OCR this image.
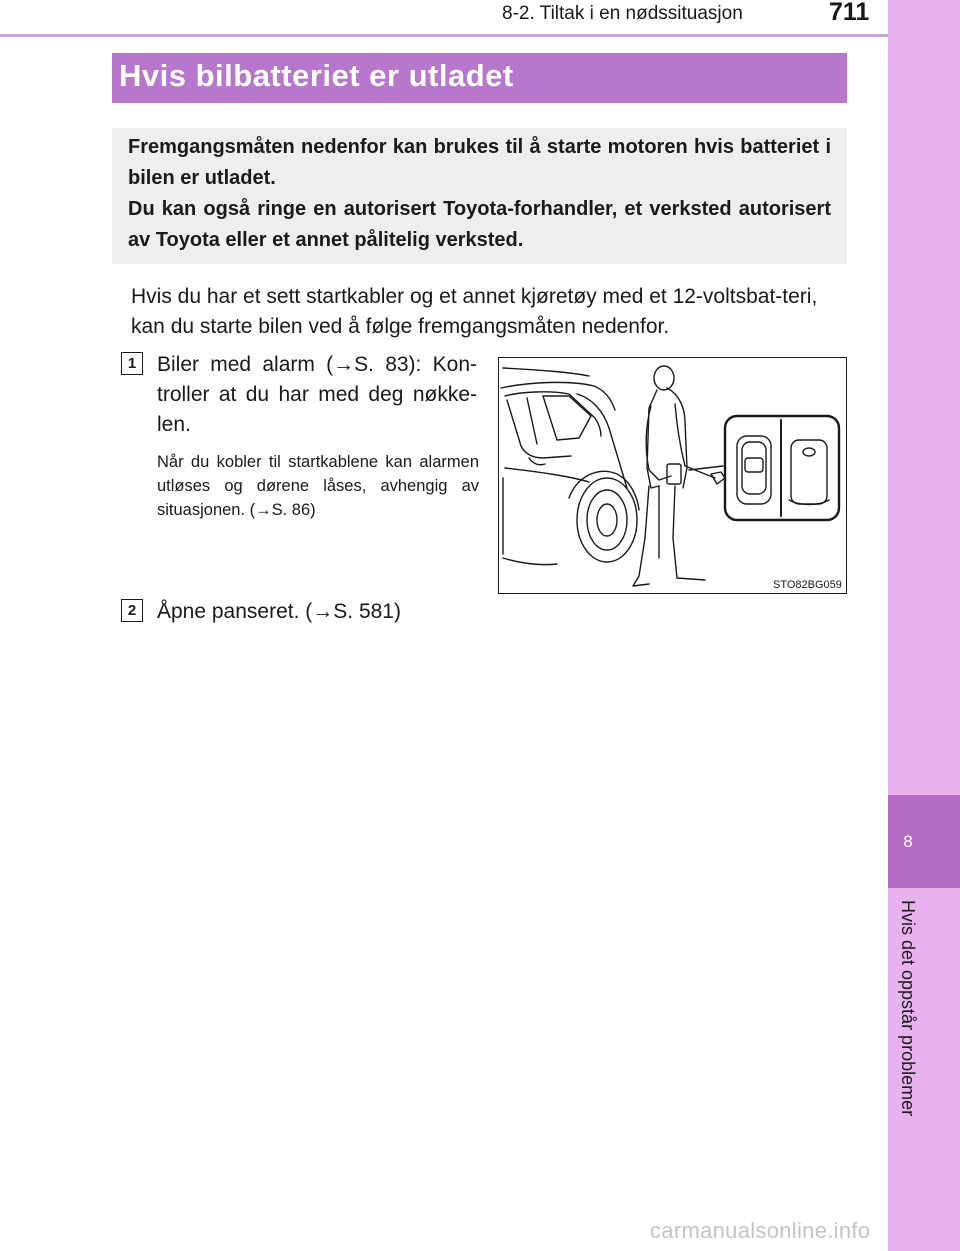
8-2. Tiltak i en nødssituasjon	711
8
Hvis det oppstår problemer
Hvis bilbatteriet er utladet

Fremgangsmåten nedenfor kan brukes til å starte motoren hvis batteriet i bilen er utladet.

Du kan også ringe en autorisert Toyota-forhandler, et verksted autorisert av Toyota eller et annet pålitelig verksted.

Hvis du har et sett startkabler og et annet kjøretøy med et 12-voltsbat-teri, kan du starte bilen ved å følge fremgangsmåten nedenfor.

1 Biler med alarm (→S. 83): Kon-troller at du har med deg nøkke-len.

Når du kobler til startkablene kan alarmen utløses og dørene låses, avhengig av situasjonen. (→S. 86)

STO82BG059
2 Åpne panseret. (→S. 581)

carmanualsonline.info
